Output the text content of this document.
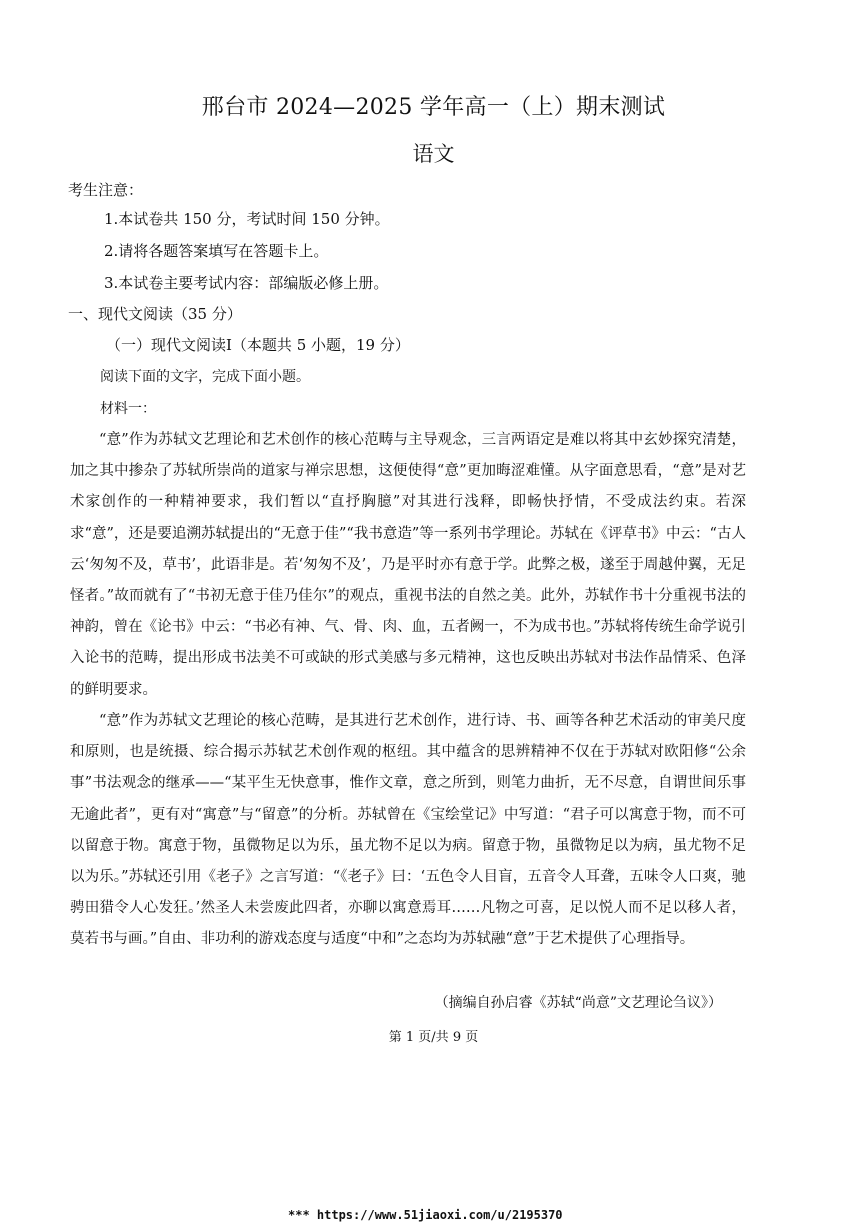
邢台市 2024—2025 学年高一（上）期末测试
语文
考生注意：
1.本试卷共 150 分，考试时间 150 分钟。
2.请将各题答案填写在答题卡上。
3.本试卷主要考试内容：部编版必修上册。
一、现代文阅读（35 分）
（一）现代文阅读Ⅰ（本题共 5 小题，19 分）
阅读下面的文字，完成下面小题。
材料一：

“意”作为苏轼文艺理论和艺术创作的核心范畴与主导观念，三言两语定是难以将其中玄妙探究清楚，加之其中掺杂了苏轼所崇尚的道家与禅宗思想，这便使得“意”更加晦涩难懂。从字面意思看，“意”是对艺术家创作的一种精神要求，我们暂以“直抒胸臆”对其进行浅释，即畅快抒情，不受成法约束。若深求“意”，还是要追溯苏轼提出的“无意于佳”“我书意造”等一系列书学理论。苏轼在《评草书》中云：“古人云‘匆匆不及，草书’，此语非是。若‘匆匆不及’，乃是平时亦有意于学。此弊之极，遂至于周越仲翼，无足怪者。”故而就有了“书初无意于佳乃佳尔”的观点，重视书法的自然之美。此外，苏轼作书十分重视书法的神韵，曾在《论书》中云：“书必有神、气、骨、肉、血，五者阙一，不为成书也。”苏轼将传统生命学说引入论书的范畴，提出形成书法美不可或缺的形式美感与多元精神，这也反映出苏轼对书法作品情采、色泽的鲜明要求。

“意”作为苏轼文艺理论的核心范畴，是其进行艺术创作，进行诗、书、画等各种艺术活动的审美尺度和原则，也是统摄、综合揭示苏轼艺术创作观的枢纽。其中蕴含的思辨精神不仅在于苏轼对欧阳修“公余事”书法观念的继承——“某平生无快意事，惟作文章，意之所到，则笔力曲折，无不尽意，自谓世间乐事无逾此者”，更有对“寓意”与“留意”的分析。苏轼曾在《宝绘堂记》中写道：“君子可以寓意于物，而不可以留意于物。寓意于物，虽微物足以为乐，虽尤物不足以为病。留意于物，虽微物足以为病，虽尤物不足以为乐。”苏轼还引用《老子》之言写道：“《老子》曰：‘五色令人目盲，五音令人耳聋，五味令人口爽，驰骋田猎令人心发狂。’然圣人未尝废此四者，亦聊以寓意焉耳……凡物之可喜，足以悦人而不足以移人者，莫若书与画。”自由、非功利的游戏态度与适度“中和”之态均为苏轼融“意”于艺术提供了心理指导。

（摘编自孙启睿《苏轼“尚意”文艺理论刍议》）
第 1 页/共 9 页
*** https://www.51jiaoxi.com/u/2195370
